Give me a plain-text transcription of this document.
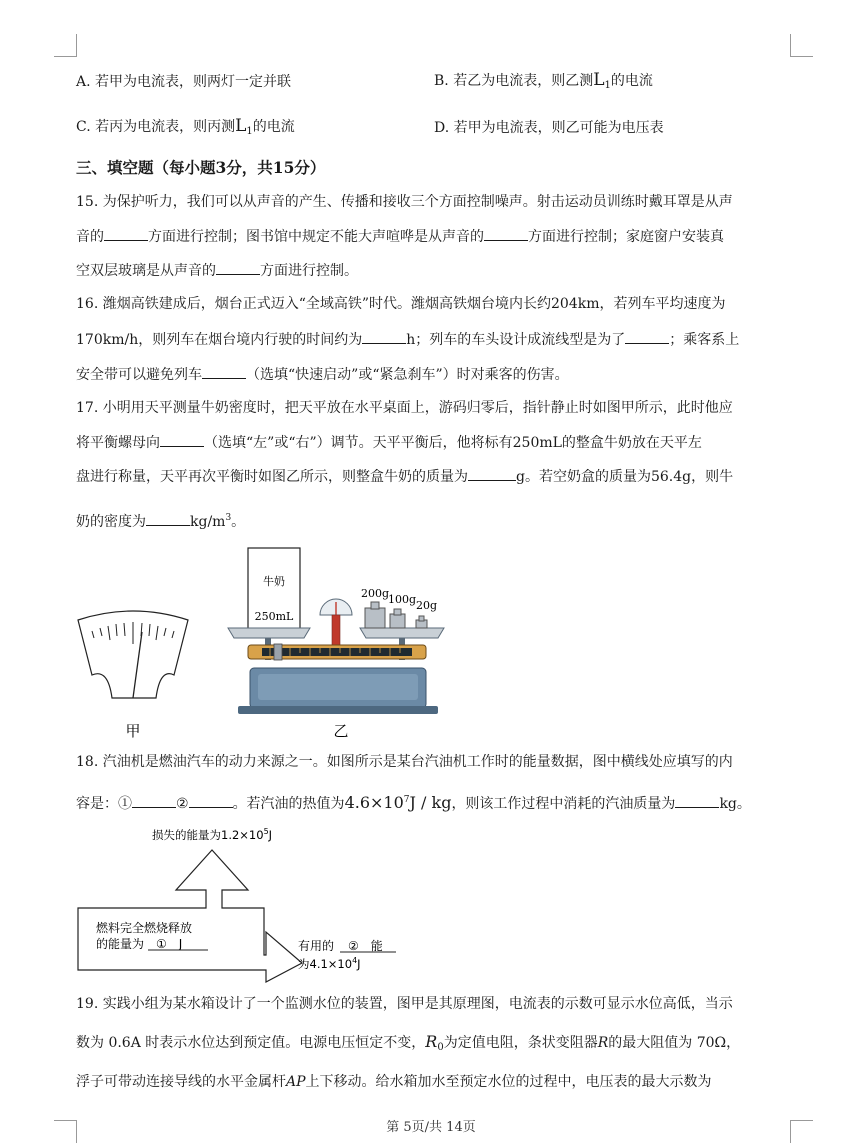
A. 若甲为电流表，则两灯一定并联	B. 若乙为电流表，则乙测$L_1$的电流
C. 若丙为电流表，则丙测$L_1$的电流	D. 若甲为电流表，则乙可能为电压表
三、填空题（每小题3分，共15分）
15. 为保护听力，我们可以从声音的产生、传播和接收三个方面控制噪声。射击运动员训练时戴耳罩是从声
音的	方面进行控制；图书馆中规定不能大声喧哗是从声音的	方面进行控制；家庭窗户安装真
空双层玻璃是从声音的	方面进行控制。
16. 潍烟高铁建成后，烟台正式迈入“全域高铁”时代。潍烟高铁烟台境内长约204km，若列车平均速度为
170km/h，则列车在烟台境内行驶的时间约为	h；列车的车头设计成流线型是为了	；乘客系上
安全带可以避免列车	（选填“快速启动”或“紧急刹车”）时对乘客的伤害。
17. 小明用天平测量牛奶密度时，把天平放在水平桌面上，游码归零后，指针静止时如图甲所示，此时他应
将平衡螺母向	（选填“左”或“右”）调节。天平平衡后，他将标有250mL的整盒牛奶放在天平左
盘进行称量，天平再次平衡时如图乙所示，则整盒牛奶的质量为	g。若空奶盒的质量为56.4g，则牛
奶的密度为	$kg/m^3$。
甲
牛奶
250mL
200g
100g 20g
乙
18. 汽油机是燃油汽车的动力来源之一。如图所示是某台汽油机工作时的能量数据，图中横线处应填写的内
容是：①	②	。若汽油的热值为$4.6\times 10^7J$ / kg，则该工作过程中消耗的汽油质量为	kg。
损失的能量为$1.2\times 10^5J$
燃料完全燃烧释放
的能量为 ① J	有用的 ② 能
为$4.1\times 10^4J$
19. 实践小组为某水箱设计了一个监测水位的装置，图甲是其原理图，电流表的示数可显示水位高低，当示
数为 0.6A 时表示水位达到预定值。电源电压恒定不变，$R_0$为定值电阻，条状变阻器R的最大阻值为 70Ω，
浮子可带动连接导线的水平金属杆AP上下移动。给水箱加水至预定水位的过程中，电压表的最大示数为
第 5页/共 14页
